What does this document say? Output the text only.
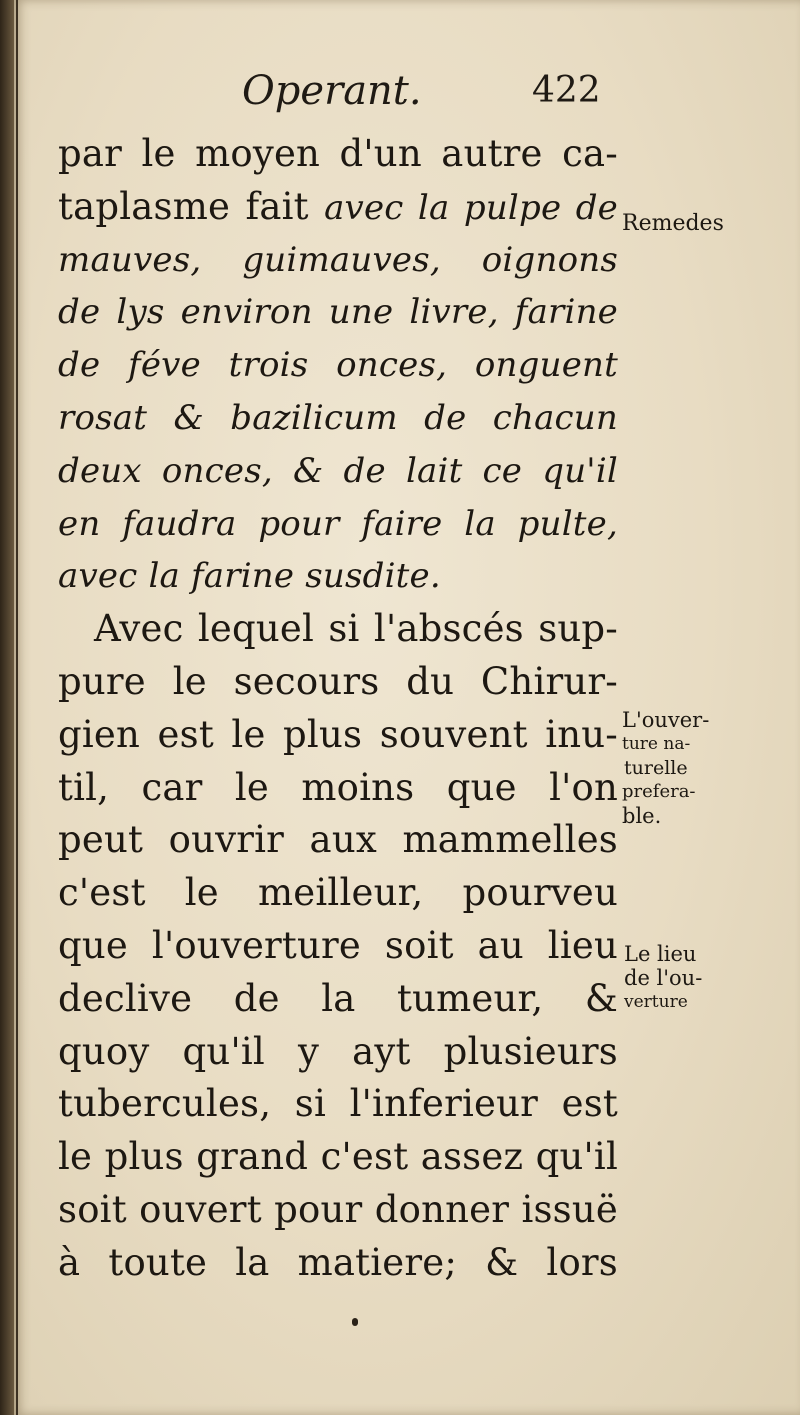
Operant.	422
par le moyen d'un autre ca-
taplasme fait avec la pulpe de
mauves, guimauves, oignons
de lys environ une livre, farine
de féve trois onces, onguent
rosat & bazilicum de chacun
deux onces, & de lait ce qu'il
en faudra pour faire la pulte,
avec la farine susdite.
Avec lequel si l'abscés sup-
pure le secours du Chirur-
gien est le plus souvent inu-
til, car le moins que l'on
peut ouvrir aux mammelles
c'est le meilleur, pourveu
que l'ouverture soit au lieu
declive de la tumeur, &
quoy qu'il y ayt plusieurs
tubercules, si l'inferieur est
le plus grand c'est assez qu'il
soit ouvert pour donner issuë
à toute la matiere; & lors
Remedes
L'ouver-
ture na-
turelle
prefera-
ble.
Le lieu
de l'ou-
verture
